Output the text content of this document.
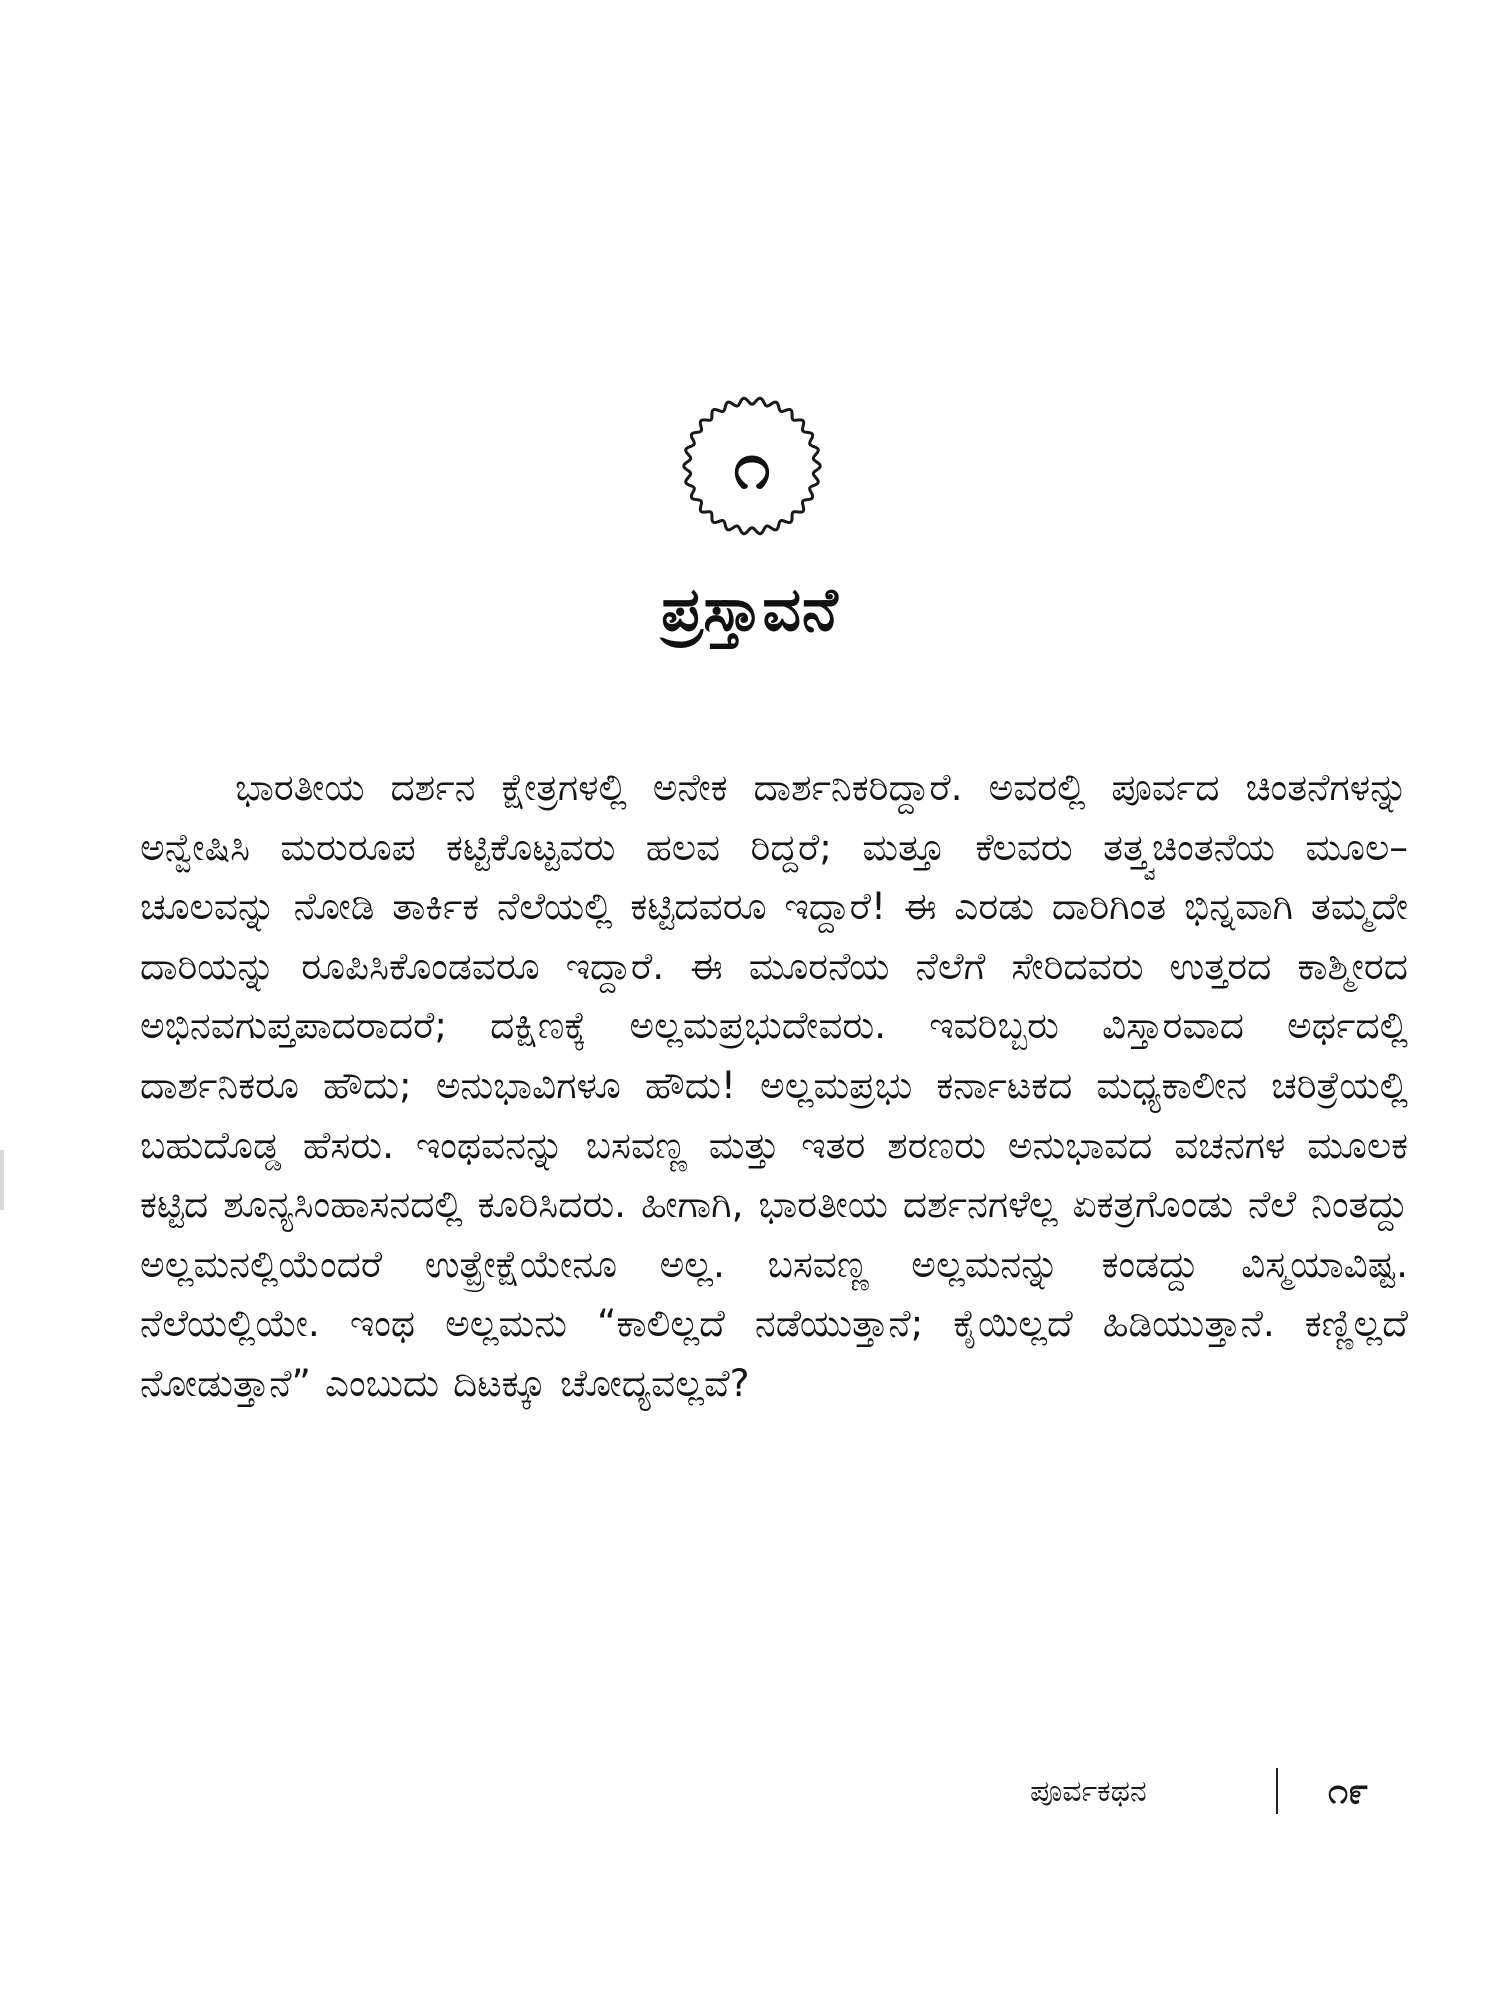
೧
ಪ್ರಸ್ತಾವನೆ

ಭಾರತೀಯ ದರ್ಶನ ಕ್ಷೇತ್ರಗಳಲ್ಲಿ ಅನೇಕ ದಾರ್ಶನಿಕರಿದ್ದಾರೆ. ಅವರಲ್ಲಿ ಪೂರ್ವದ ಚಿಂತನೆಗಳನ್ನು ಅನ್ವೇಷಿಸಿ ಮರುರೂಪ ಕಟ್ಟಿಕೊಟ್ಟವರು ಹಲವ ರಿದ್ದರೆ; ಮತ್ತೂ ಕೆಲವರು ತತ್ತ್ವಚಿಂತನೆಯ ಮೂಲ–ಚೂಲವನ್ನು ನೋಡಿ ತಾರ್ಕಿಕ ನೆಲೆಯಲ್ಲಿ ಕಟ್ಟಿದವರೂ ಇದ್ದಾರೆ! ಈ ಎರಡು ದಾರಿಗಿಂತ ಭಿನ್ನವಾಗಿ ತಮ್ಮದೇ ದಾರಿಯನ್ನು ರೂಪಿಸಿಕೊಂಡವರೂ ಇದ್ದಾರೆ. ಈ ಮೂರನೆಯ ನೆಲೆಗೆ ಸೇರಿದವರು ಉತ್ತರದ ಕಾಶ್ಮೀರದ ಅಭಿನವಗುಪ್ತಪಾದರಾದರೆ; ದಕ್ಷಿಣಕ್ಕೆ ಅಲ್ಲಮಪ್ರಭುದೇವರು. ಇವರಿಬ್ಬರು ವಿಸ್ತಾರವಾದ ಅರ್ಥದಲ್ಲಿ ದಾರ್ಶನಿಕರೂ ಹೌದು; ಅನುಭಾವಿಗಳೂ ಹೌದು! ಅಲ್ಲಮಪ್ರಭು ಕರ್ನಾಟಕದ ಮಧ್ಯಕಾಲೀನ ಚರಿತ್ರೆಯಲ್ಲಿ ಬಹುದೊಡ್ಡ ಹೆಸರು. ಇಂಥವನನ್ನು ಬಸವಣ್ಣ ಮತ್ತು ಇತರ ಶರಣರು ಅನುಭಾವದ ವಚನಗಳ ಮೂಲಕ ಕಟ್ಟಿದ ಶೂನ್ಯಸಿಂಹಾಸನದಲ್ಲಿ ಕೂರಿಸಿದರು. ಹೀಗಾಗಿ, ಭಾರತೀಯ ದರ್ಶನಗಳೆಲ್ಲ ಏಕತ್ರಗೊಂಡು ನೆಲೆ ನಿಂತದ್ದು ಅಲ್ಲಮನಲ್ಲಿಯೆಂದರೆ ಉತ್ಪ್ರೇಕ್ಷೆಯೇನೂ ಅಲ್ಲ. ಬಸವಣ್ಣ ಅಲ್ಲಮನನ್ನು ಕಂಡದ್ದು ವಿಸ್ಮಯಾವಿಷ್ಟ. ನೆಲೆಯಲ್ಲಿಯೇ. ಇಂಥ ಅಲ್ಲಮನು “ಕಾಲಿಲ್ಲದೆ ನಡೆಯುತ್ತಾನೆ; ಕೈಯಿಲ್ಲದೆ ಹಿಡಿಯುತ್ತಾನೆ. ಕಣ್ಣಿಲ್ಲದೆ ನೋಡುತ್ತಾನೆ” ಎಂಬುದು ದಿಟಕ್ಕೂ ಚೋದ್ಯವಲ್ಲವೆ?

ಪೂರ್ವಕಥನ	೧೯
